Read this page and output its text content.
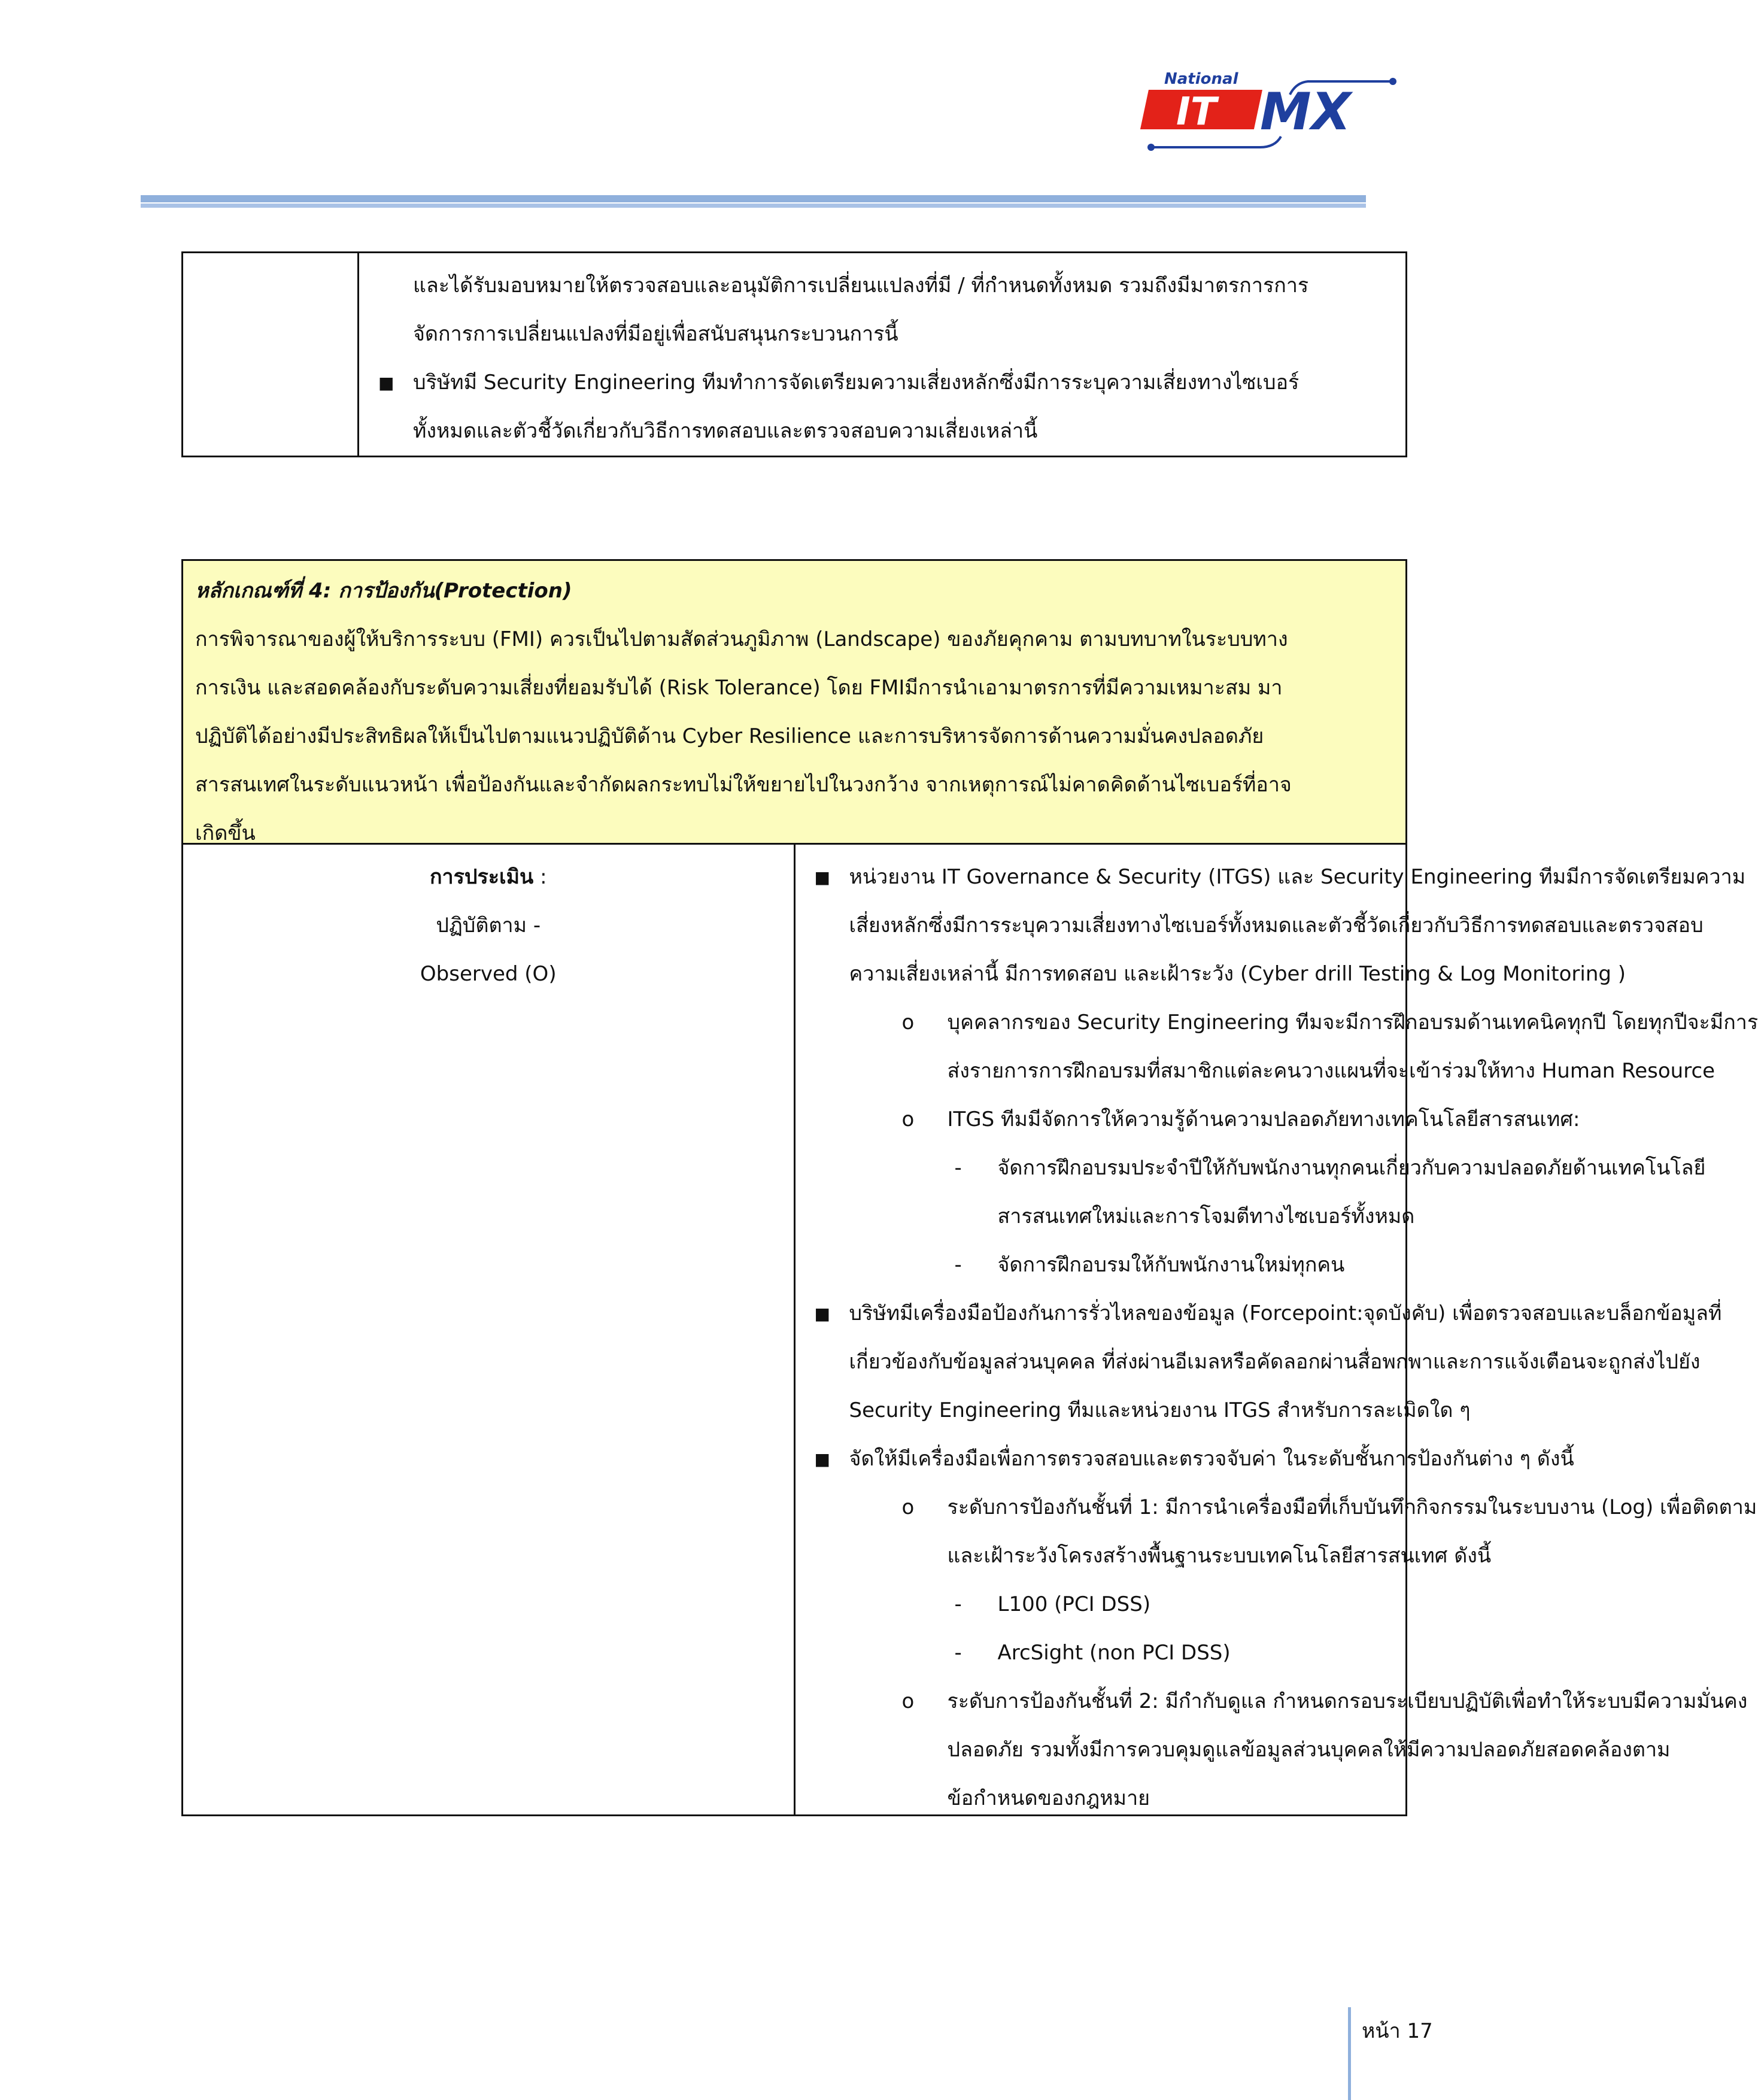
National
IT MX

และได้รับมอบหมายให้ตรวจสอบและอนุมัติการเปลี่ยนแปลงที่มี / ที่กำหนดทั้งหมด รวมถึงมีมาตรการการ
จัดการการเปลี่ยนแปลงที่มีอยู่เพื่อสนับสนุนกระบวนการนี้
■ บริษัทมี Security Engineering ทีมทำการจัดเตรียมความเสี่ยงหลักซึ่งมีการระบุความเสี่ยงทางไซเบอร์
ทั้งหมดและตัวชี้วัดเกี่ยวกับวิธีการทดสอบและตรวจสอบความเสี่ยงเหล่านี้
หลักเกณฑ์ที่ 4: การป้องกัน(Protection)
การพิจารณาของผู้ให้บริการระบบ (FMI) ควรเป็นไปตามสัดส่วนภูมิภาพ (Landscape) ของภัยคุกคาม ตามบทบาทในระบบทาง
การเงิน และสอดคล้องกับระดับความเสี่ยงที่ยอมรับได้ (Risk Tolerance) โดย FMIมีการนำเอามาตรการที่มีความเหมาะสม มา
ปฏิบัติได้อย่างมีประสิทธิผลให้เป็นไปตามแนวปฏิบัติด้าน Cyber Resilience และการบริหารจัดการด้านความมั่นคงปลอดภัย
สารสนเทศในระดับแนวหน้า เพื่อป้องกันและจำกัดผลกระทบไม่ให้ขยายไปในวงกว้าง จากเหตุการณ์ไม่คาดคิดด้านไซเบอร์ที่อาจ
เกิดขึ้น

การประเมิน :
ปฏิบัติตาม -
Observed (O)

■ หน่วยงาน IT Governance & Security (ITGS) และ Security Engineering ทีมมีการจัดเตรียมความ
เสี่ยงหลักซึ่งมีการระบุความเสี่ยงทางไซเบอร์ทั้งหมดและตัวชี้วัดเกี่ยวกับวิธีการทดสอบและตรวจสอบ
ความเสี่ยงเหล่านี้ มีการทดสอบ และเฝ้าระวัง (Cyber drill Testing & Log Monitoring )
o บุคคลากรของ Security Engineering ทีมจะมีการฝึกอบรมด้านเทคนิคทุกปี โดยทุกปีจะมีการ
ส่งรายการการฝึกอบรมที่สมาชิกแต่ละคนวางแผนที่จะเข้าร่วมให้ทาง Human Resource
o ITGS ทีมมีจัดการให้ความรู้ด้านความปลอดภัยทางเทคโนโลยีสารสนเทศ:
- จัดการฝึกอบรมประจำปีให้กับพนักงานทุกคนเกี่ยวกับความปลอดภัยด้านเทคโนโลยี
สารสนเทศใหม่และการโจมตีทางไซเบอร์ทั้งหมด
- จัดการฝึกอบรมให้กับพนักงานใหม่ทุกคน
■ บริษัทมีเครื่องมือป้องกันการรั่วไหลของข้อมูล (Forcepoint:จุดบังคับ) เพื่อตรวจสอบและบล็อกข้อมูลที่
เกี่ยวข้องกับข้อมูลส่วนบุคคล ที่ส่งผ่านอีเมลหรือคัดลอกผ่านสื่อพกพาและการแจ้งเตือนจะถูกส่งไปยัง
Security Engineering ทีมและหน่วยงาน ITGS สำหรับการละเมิดใด ๆ
■ จัดให้มีเครื่องมือเพื่อการตรวจสอบและตรวจจับค่า ในระดับชั้นการป้องกันต่าง ๆ ดังนี้
o ระดับการป้องกันชั้นที่ 1: มีการนำเครื่องมือที่เก็บบันทึกกิจกรรมในระบบงาน (Log) เพื่อติดตาม
และเฝ้าระวังโครงสร้างพื้นฐานระบบเทคโนโลยีสารสนเทศ ดังนี้
- L100 (PCI DSS)
- ArcSight (non PCI DSS)
o ระดับการป้องกันชั้นที่ 2: มีกำกับดูแล กำหนดกรอบระเบียบปฏิบัติเพื่อทำให้ระบบมีความมั่นคง
ปลอดภัย รวมทั้งมีการควบคุมดูแลข้อมูลส่วนบุคคลให้มีความปลอดภัยสอดคล้องตาม
ข้อกำหนดของกฎหมาย
หน้า 17
